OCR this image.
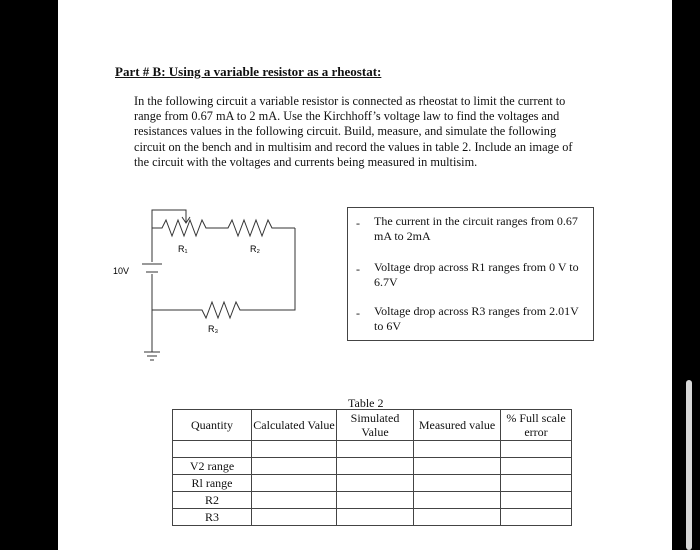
Part # B: Using a variable resistor as a rheostat:

In the following circuit a variable resistor is connected as rheostat to limit the current to range from 0.67 mA to 2 mA. Use the Kirchhoff’s voltage law to find the voltages and resistances values in the following circuit. Build, measure, and simulate the following circuit on the bench and in multisim and record the values in table 2. Include an image of the circuit with the voltages and currents being measured in multisim.

10V
R₁	R₂
R₃
- The current in the circuit ranges from 0.67 mA to 2mA
- Voltage drop across R1 ranges from 0 V to 6.7V
- Voltage drop across R3 ranges from 2.01V to 6V
Table 2
Quantity	Calculated Value	Simulated Value	Measured value	% Full scale error

V2 range				
Rl range				
R2				
R3				
